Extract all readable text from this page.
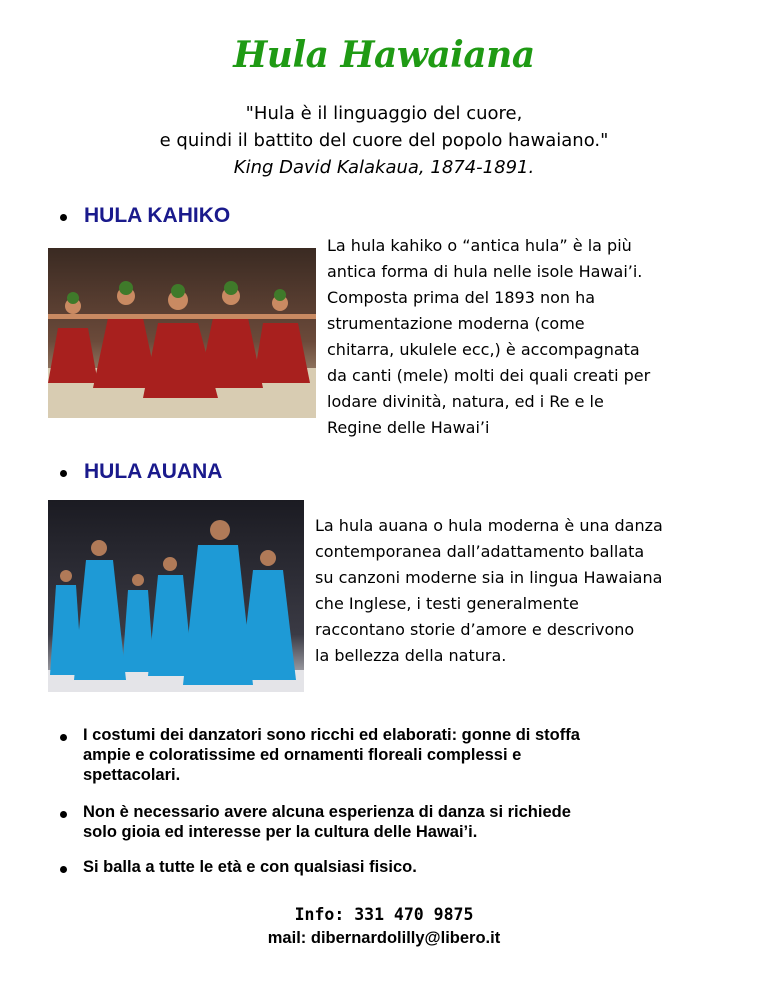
Hula Hawaiana
"Hula è il linguaggio del cuore,
e quindi il battito del cuore del popolo hawaiano."
King David Kalakaua, 1874-1891.
HULA KAHIKO
La hula kahiko o “antica hula” è la più
antica forma di hula nelle isole Hawai’i.
Composta prima del 1893 non ha
strumentazione moderna (come
chitarra, ukulele ecc,) è accompagnata
da canti (mele) molti dei quali creati per
lodare divinità, natura, ed i Re e le
Regine delle Hawai’i
HULA AUANA
La hula auana o hula moderna è una danza
contemporanea dall’adattamento ballata
su canzoni moderne sia in lingua Hawaiana
che Inglese, i testi generalmente
raccontano storie d’amore e descrivono
la bellezza della natura.
I costumi dei danzatori sono ricchi ed elaborati: gonne di stoffa
ampie e coloratissime ed ornamenti floreali complessi e
spettacolari.
Non è necessario avere alcuna esperienza di danza si richiede
solo gioia ed interesse per la cultura delle Hawai’i.
Si balla a tutte le età e con qualsiasi fisico.
Info: 331 470 9875
mail: dibernardolilly@libero.it
